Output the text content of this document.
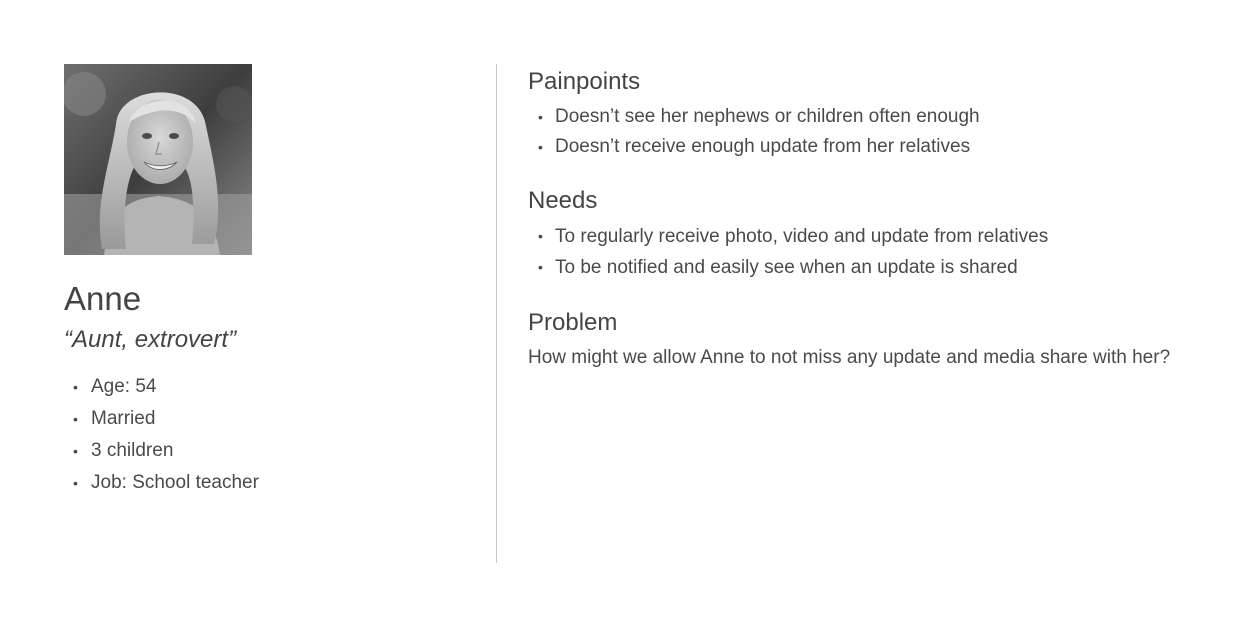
Anne

“Aunt, extrovert”

• Age: 54
• Married
• 3 children
• Job: School teacher
Painpoints
• Doesn’t see her nephews or children often enough
• Doesn’t receive enough update from her relatives
Needs
• To regularly receive photo, video and update from relatives
• To be notified and easily see when an update is shared
Problem

How might we allow Anne to not miss any update and media share with her?
